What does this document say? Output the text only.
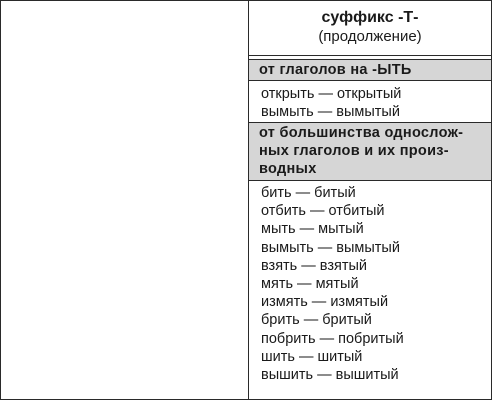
суффикс -Т-
(продолжение)
от глаголов на -ЫТЬ
открыть — открытый
вымыть — вымытый
от большинства однослож-
ных глаголов и их произ-
водных
бить — битый
отбить — отбитый
мыть — мытый
вымыть — вымытый
взять — взятый
мять — мятый
измять — измятый
брить — бритый
побрить — побритый
шить — шитый
вышить — вышитый
